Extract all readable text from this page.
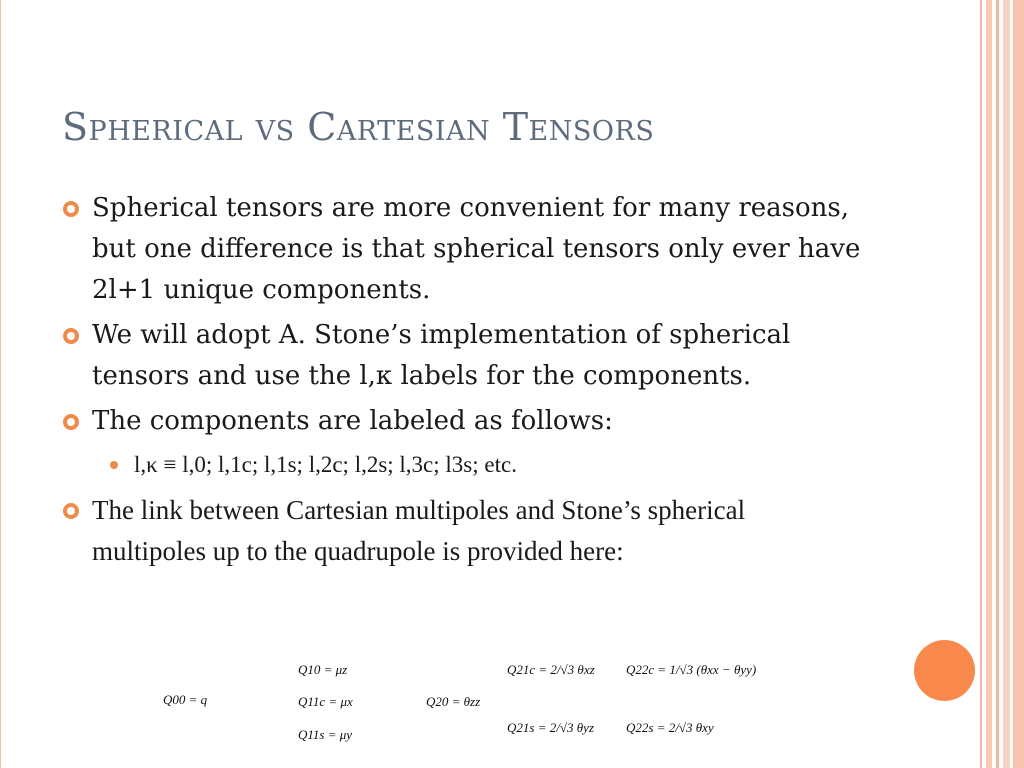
Spherical vs Cartesian Tensors
Spherical tensors are more convenient for many reasons, but one difference is that spherical tensors only ever have 2l+1 unique components.
We will adopt A. Stone’s implementation of spherical tensors and use the l,κ labels for the components.
The components are labeled as follows:
l,κ ≡ l,0; l,1c; l,1s; l,2c; l,2s; l,3c; l3s; etc.
The link between Cartesian multipoles and Stone’s spherical multipoles up to the quadrupole is provided here:
Q00 = q
Q10 = μz
Q11c = μx
Q11s = μy
Q20 = θzz
Q21c = 2/√3 θxz
Q21s = 2/√3 θyz
Q22c = 1/√3 (θxx − θyy)
Q22s = 2/√3 θxy
